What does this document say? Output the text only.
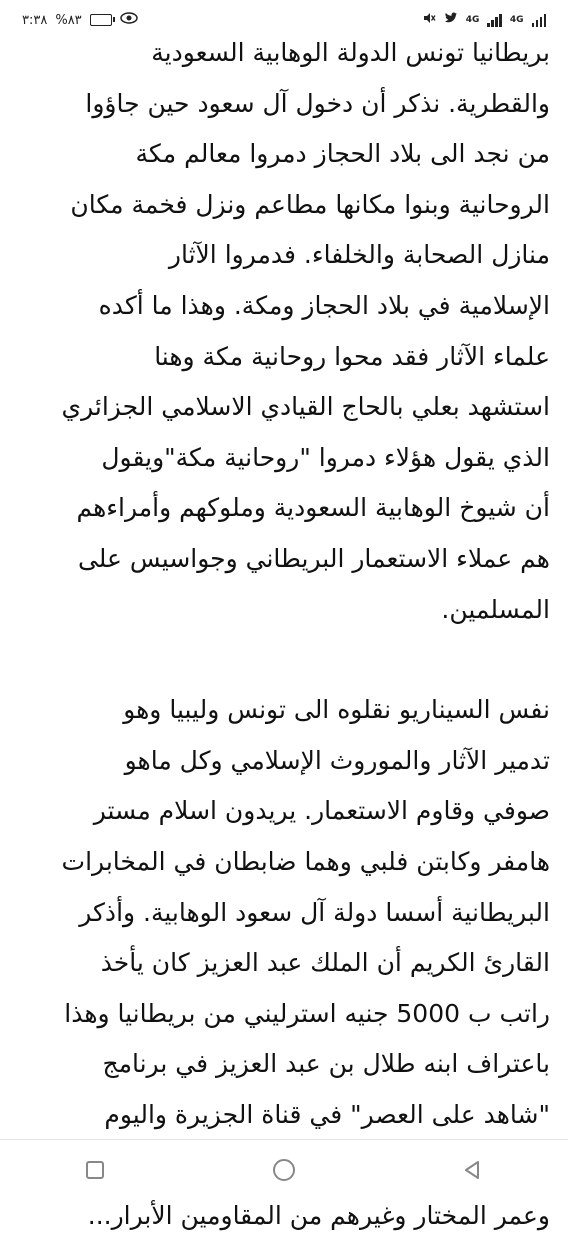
٣:٣٨ %٨٣	4G	4G
بريطانيا تونس الدولة الوهابية السعودية
والقطرية. نذكر أن دخول آل سعود حين جاؤوا
من نجد الى بلاد الحجاز دمروا معالم مكة
الروحانية وبنوا مكانها مطاعم ونزل فخمة مكان
منازل الصحابة والخلفاء. فدمروا الآثار
الإسلامية في بلاد الحجاز ومكة. وهذا ما أكده
علماء الآثار فقد محوا روحانية مكة وهنا
استشهد بعلي بالحاج القيادي الاسلامي الجزائري
الذي يقول هؤلاء دمروا "روحانية مكة"ويقول
أن شيوخ الوهابية السعودية وملوكهم وأمراءهم
هم عملاء الاستعمار البريطاني وجواسيس على
المسلمين.
نفس السيناريو نقلوه الى تونس وليبيا وهو
تدمير الآثار والموروث الإسلامي وكل ماهو
صوفي وقاوم الاستعمار. يريدون اسلام مستر
هامفر وكابتن فلبي وهما ضابطان في المخابرات
البريطانية أسسا دولة آل سعود الوهابية. وأذكر
القارئ الكريم أن الملك عبد العزيز كان يأخذ
راتب ب 5000 جنيه استرليني من بريطانيا وهذا
باعتراف ابنه طلال بن عبد العزيز في برنامج
"شاهد على العصر" في قناة الجزيرة واليوم
وعمر المختار وغيرهم من المقاومين الأبرار...
